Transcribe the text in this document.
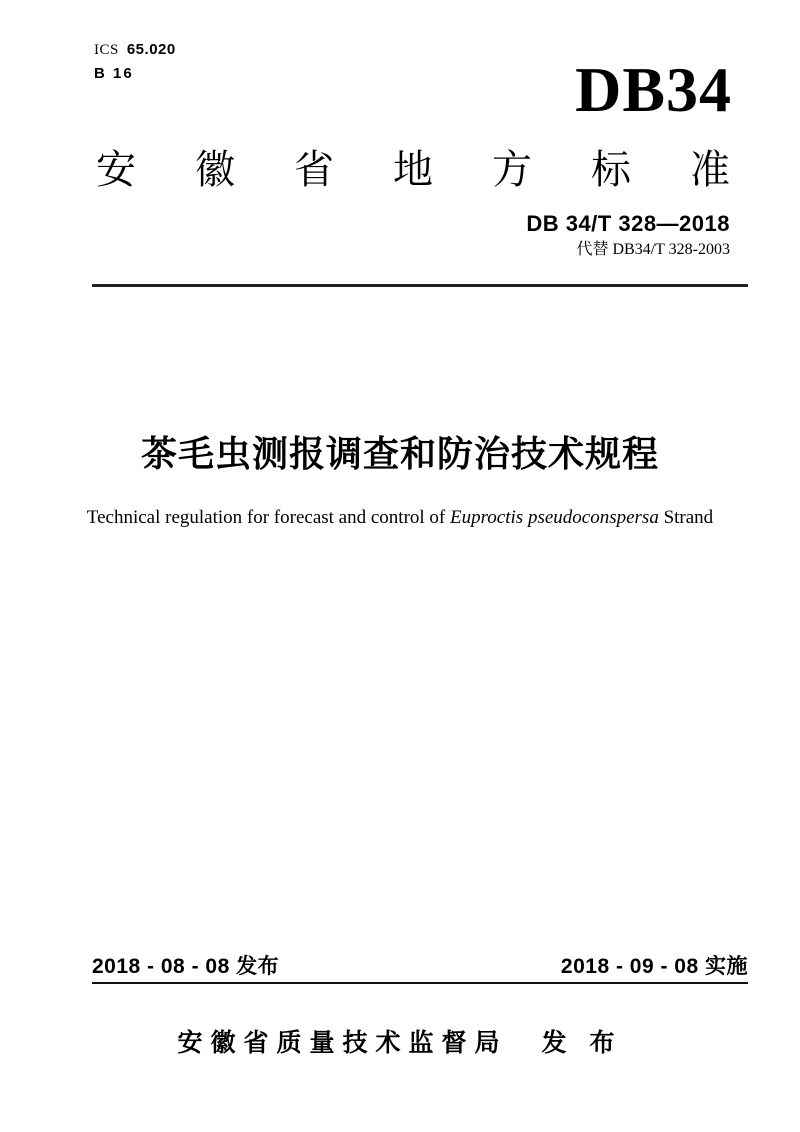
ICS 65.020
B 16	DB34
安 徽 省 地 方 标 准
DB 34/T 328—2018
代替 DB34/T 328-2003
茶毛虫测报调查和防治技术规程
Technical regulation for forecast and control of Euproctis pseudoconspersa Strand
2018 - 08 - 08 发布	2018 - 09 - 08 实施
安徽省质量技术监督局 发 布
